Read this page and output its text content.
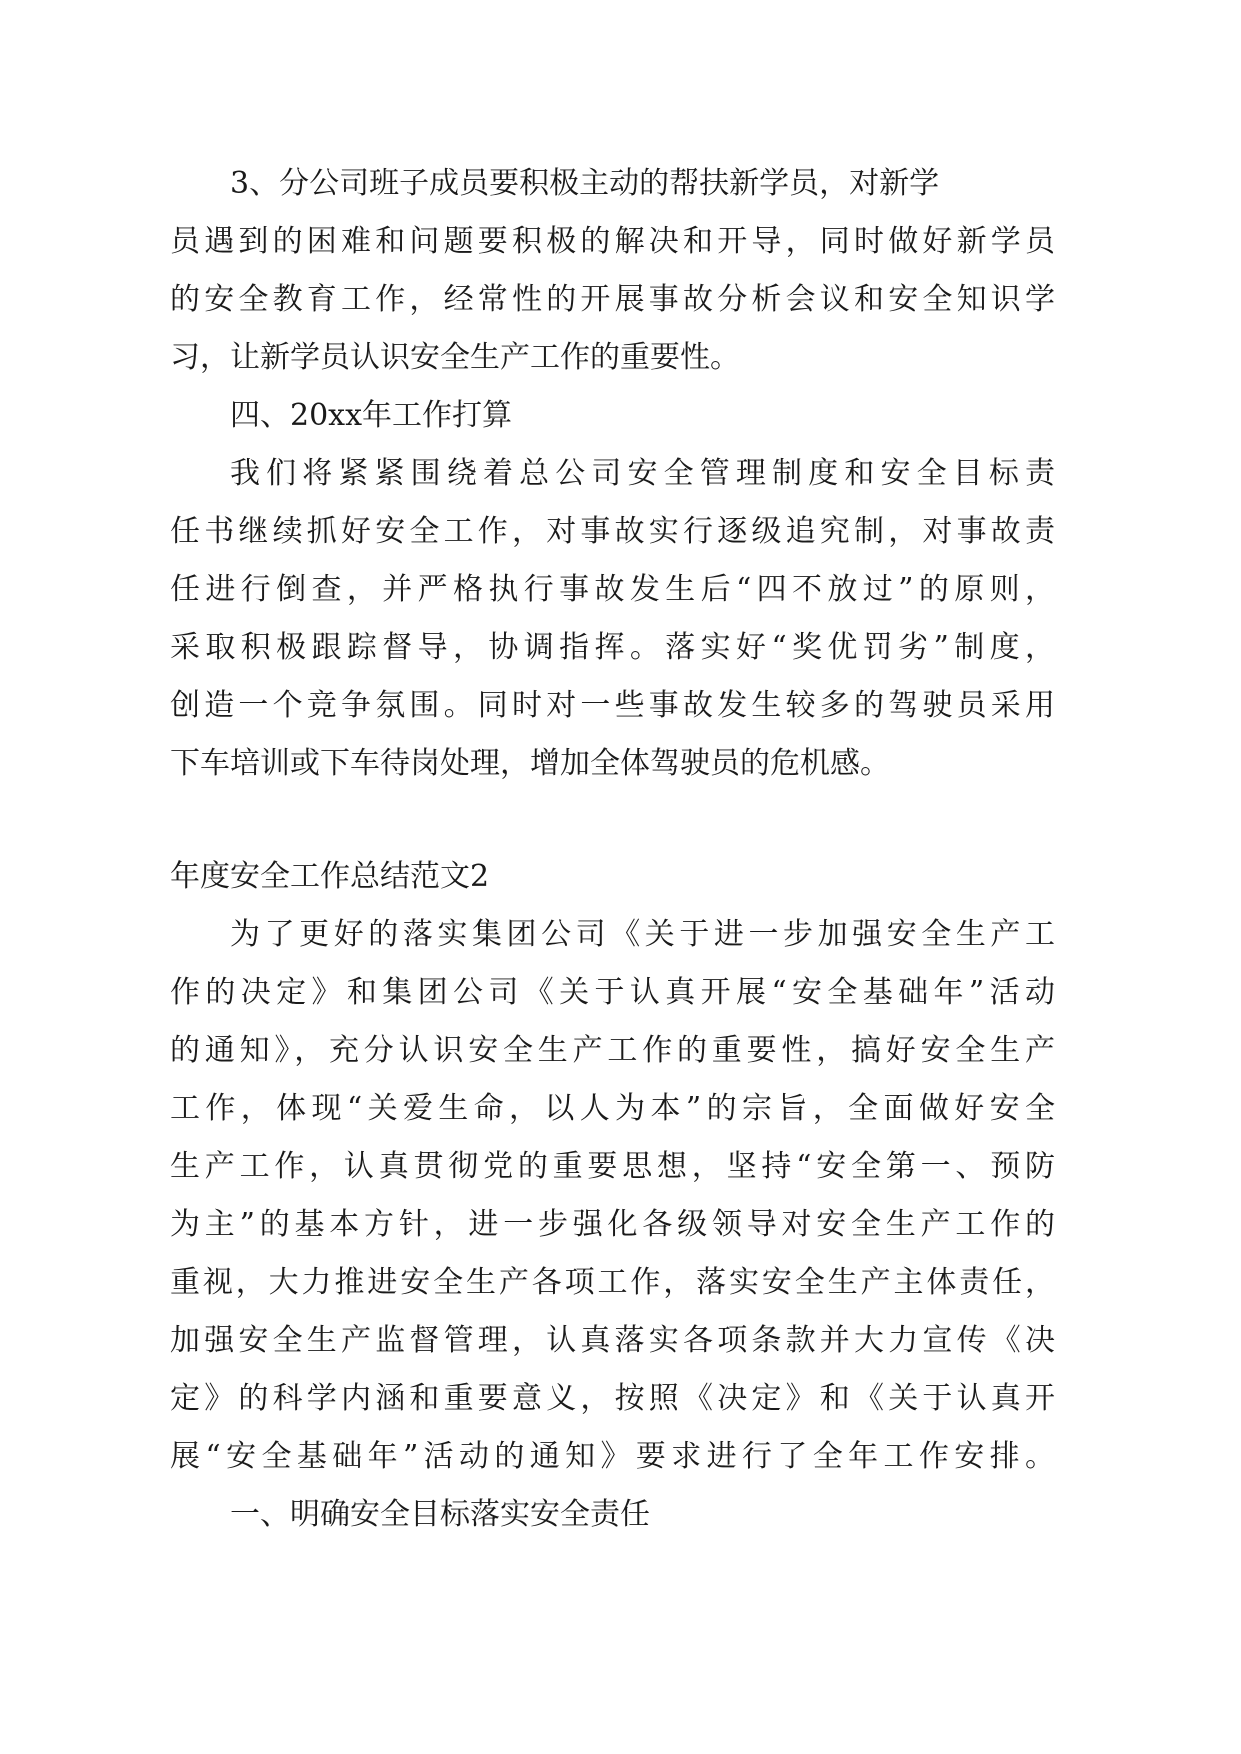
3、分公司班子成员要积极主动的帮扶新学员，对新学
员遇到的困难和问题要积极的解决和开导，同时做好新学员
的安全教育工作，经常性的开展事故分析会议和安全知识学
习，让新学员认识安全生产工作的重要性。
四、20xx年工作打算
我们将紧紧围绕着总公司安全管理制度和安全目标责
任书继续抓好安全工作，对事故实行逐级追究制，对事故责
任进行倒查，并严格执行事故发生后“四不放过”的原则，
采取积极跟踪督导，协调指挥。落实好“奖优罚劣”制度，
创造一个竞争氛围。同时对一些事故发生较多的驾驶员采用
下车培训或下车待岗处理，增加全体驾驶员的危机感。
年度安全工作总结范文2
为了更好的落实集团公司《关于进一步加强安全生产工
作的决定》和集团公司《关于认真开展“安全基础年”活动
的通知》，充分认识安全生产工作的重要性，搞好安全生产
工作，体现“关爱生命，以人为本”的宗旨，全面做好安全
生产工作，认真贯彻党的重要思想，坚持“安全第一、预防
为主”的基本方针，进一步强化各级领导对安全生产工作的
重视，大力推进安全生产各项工作，落实安全生产主体责任，
加强安全生产监督管理，认真落实各项条款并大力宣传《决
定》的科学内涵和重要意义，按照《决定》和《关于认真开
展“安全基础年”活动的通知》要求进行了全年工作安排。
一、明确安全目标落实安全责任
